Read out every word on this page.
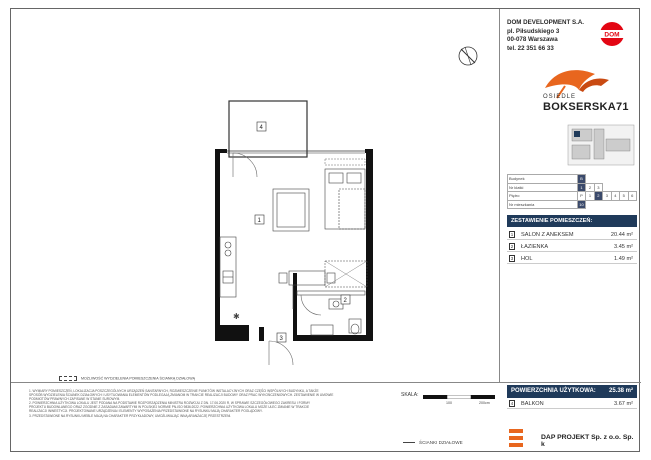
✱
4
1
2
3
DOM DEVELOPMENT S.A.
pl. Piłsudskiego 3
00-078 Warszawa
tel. 22 351 66 33
DOM
OSIEDLE
BOKSERSKA71
Budynek	B						
Nr klatki	1	2	3				
Piętro	P	1	2	3	4	5	6
Nr mieszkania	10						
ZESTAWIENIE POMIESZCZEŃ:
1	SALON Z ANEKSEM	20.44 m²
2	ŁAZIENKA	3.45 m²
3	HOL	1.49 m²
POWIERZCHNIA UŻYTKOWA: 25.38 m²
4	BALKON	3.67 m²
MOŻLIWOŚĆ WYDZIELENIA POMIESZCZENIA ŚCIANKĄ DZIAŁOWĄ
1. WYMIARY POMIESZCZEŃ, LOKALIZACJA POSZCZEGÓLNYCH URZĄDZEŃ SANITARNYCH, ROZMIESZCZENIE PUNKTÓW INSTALACYJNYCH ORAZ CZĘŚCI WSPÓLNYCH BUDYNKU, A TAKŻE
SPOSÓB WYDZIELENIA ŚCIANEK DZIAŁOWYCH I USYTUOWANIA ELEMENTÓW PODLEGAJĄ ZMIANOM W TRAKCIE REALIZACJI BUDOWY ORAZ PRAC WYKOŃCZENIOWYCH. ZESTAWIENIE W UMOWIE
PODMIOTÓW PRAWNYCH ZAPISANE W STANIE SUROWYM.
2. POWIERZCHNIA UŻYTKOWA LOKALU JEST PODANA NA PODSTAWIE ROZPORZĄDZENIA MINISTRA ROZWOJU Z DN. 17.06.2020 R. W SPRAWIE SZCZEGÓŁOWEGO ZAKRESU I FORMY
PROJEKTU BUDOWLANEGO ORAZ ZGODNIE Z ZASADAMI ZAWARTYMI W POLSKIEJ NORMIE PN-ISO 9836:2022. POWIERZCHNIA UŻYTKOWA LOKALU MOŻE ULEC ZMIANIE W TRAKCIE
REALIZACJI INWESTYCJI. PROJEKTOWANE URZĄDZENIA I ELEMENTY WYPOSAŻENIA PRZEDSTAWIONE NA RYSUNKU MAJĄ CHARAKTER POGLĄDOWY.
3. PRZEDSTAWIONE NA RYSUNKU MEBLE MAJĄ NA CHARAKTER PRZYKŁADOWY, UMOŻLIWIAJĄC INNĄ ARANŻACJĘ PRZESTRZENI.
SKALA:
100	200cm
ŚCIANKI DZIAŁOWE
DAP PROJEKT Sp. z o.o. Sp. k
